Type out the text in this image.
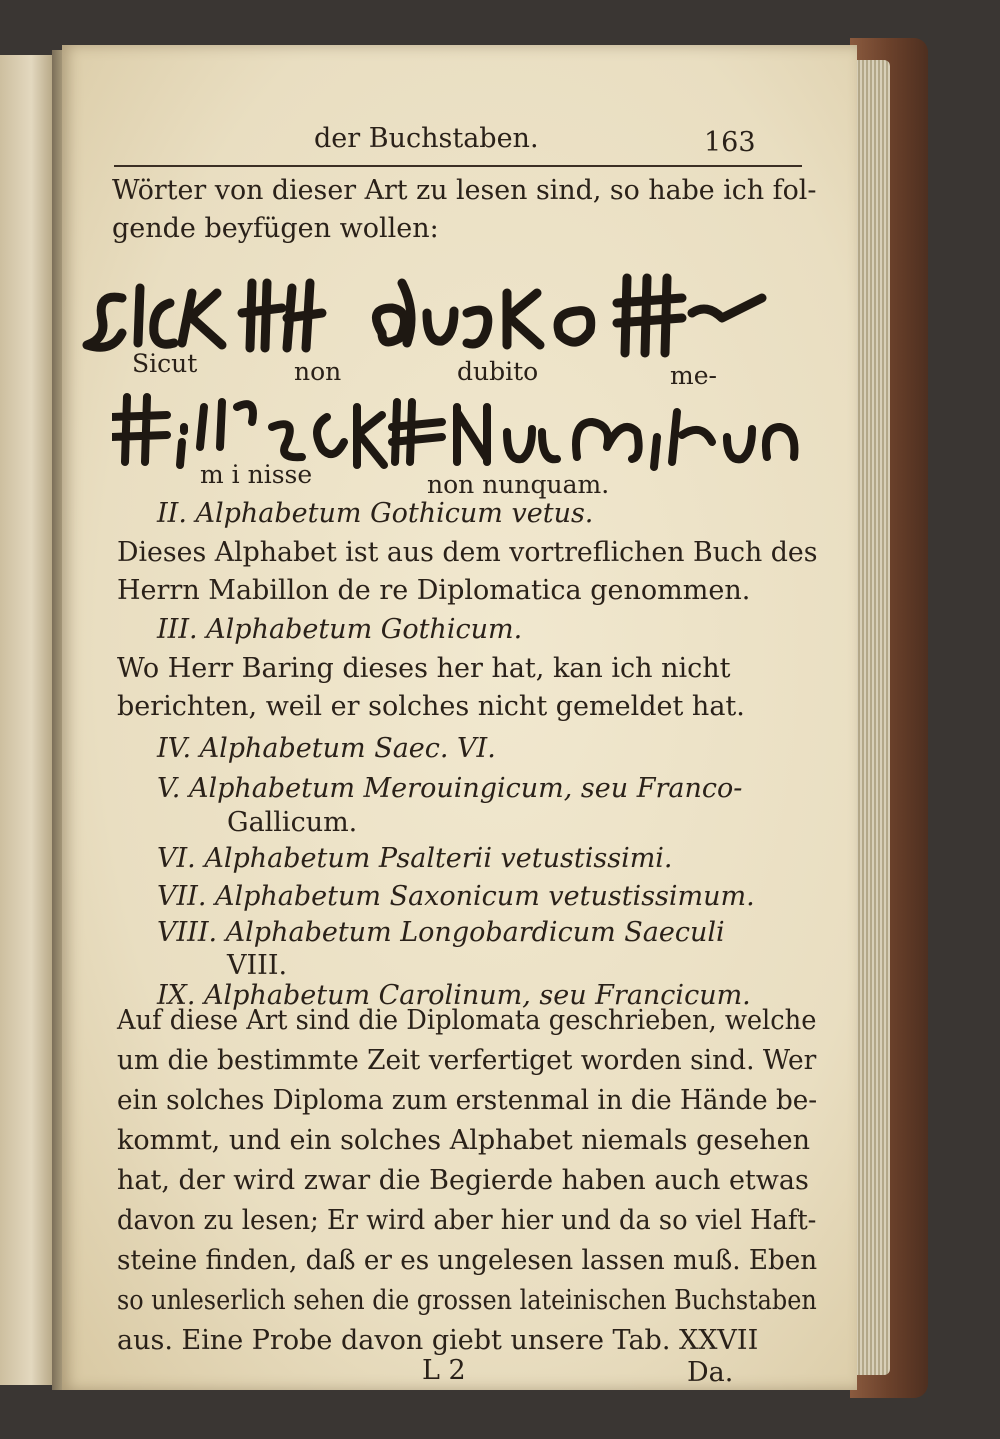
der Buchstaben.	163
Wörter von dieser Art zu lesen sind, so habe ich fol-
gende beyfügen wollen:
Sicut	non	dubito	me-
m i nisse	non nunquam.
II. Alphabetum Gothicum vetus.
Dieses Alphabet ist aus dem vortreflichen Buch des
Herrn Mabillon de re Diplomatica genommen.
III. Alphabetum Gothicum.
Wo Herr Baring dieses her hat, kan ich nicht
berichten, weil er solches nicht gemeldet hat.
IV. Alphabetum Saec. VI.
V. Alphabetum Merouingicum, seu Franco-
Gallicum.
VI. Alphabetum Psalterii vetustissimi.
VII. Alphabetum Saxonicum vetustissimum.
VIII. Alphabetum Longobardicum Saeculi
VIII.
IX. Alphabetum Carolinum, seu Francicum.
Auf diese Art sind die Diplomata geschrieben, welche
um die bestimmte Zeit verfertiget worden sind. Wer
ein solches Diploma zum erstenmal in die Hände be-
kommt, und ein solches Alphabet niemals gesehen
hat, der wird zwar die Begierde haben auch etwas
davon zu lesen; Er wird aber hier und da so viel Haft-
steine finden, daß er es ungelesen lassen muß. Eben
so unleserlich sehen die grossen lateinischen Buchstaben
aus. Eine Probe davon giebt unsere Tab. XXVII
L 2	Da.
